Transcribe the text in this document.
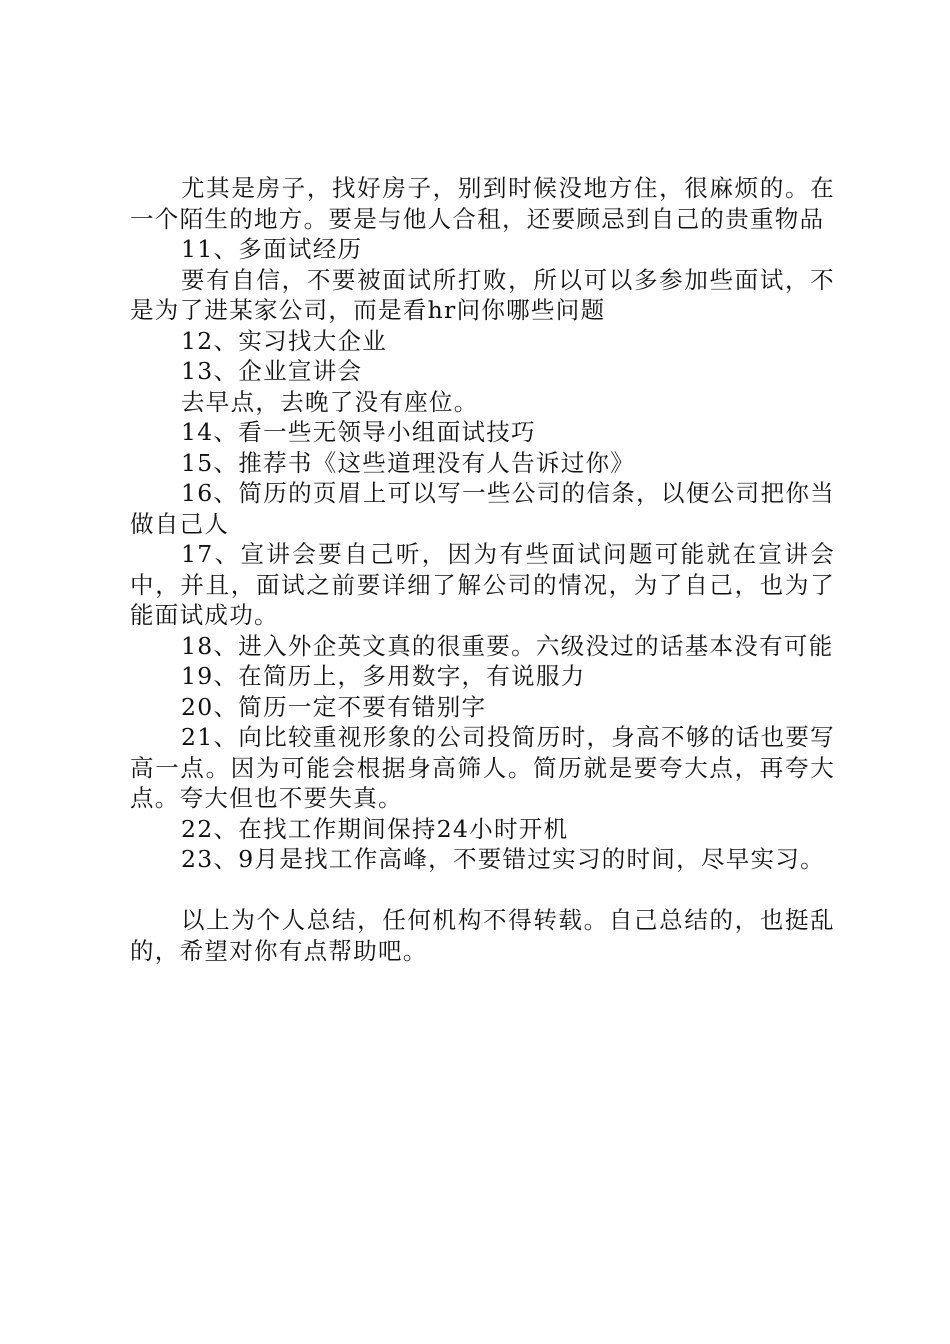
尤其是房子，找好房子，别到时候没地方住，很麻烦的。在一个陌生的地方。要是与他人合租，还要顾忌到自己的贵重物品

11、多面试经历

要有自信，不要被面试所打败，所以可以多参加些面试，不是为了进某家公司，而是看hr问你哪些问题

12、实习找大企业

13、企业宣讲会

去早点，去晚了没有座位。

14、看一些无领导小组面试技巧

15、推荐书《这些道理没有人告诉过你》

16、简历的页眉上可以写一些公司的信条，以便公司把你当做自己人

17、宣讲会要自己听，因为有些面试问题可能就在宣讲会中，并且，面试之前要详细了解公司的情况，为了自己，也为了能面试成功。

18、进入外企英文真的很重要。六级没过的话基本没有可能

19、在简历上，多用数字，有说服力

20、简历一定不要有错别字

21、向比较重视形象的公司投简历时，身高不够的话也要写高一点。因为可能会根据身高筛人。简历就是要夸大点，再夸大点。夸大但也不要失真。

22、在找工作期间保持24小时开机

23、9月是找工作高峰，不要错过实习的时间，尽早实习。

以上为个人总结，任何机构不得转载。自己总结的，也挺乱的，希望对你有点帮助吧。
